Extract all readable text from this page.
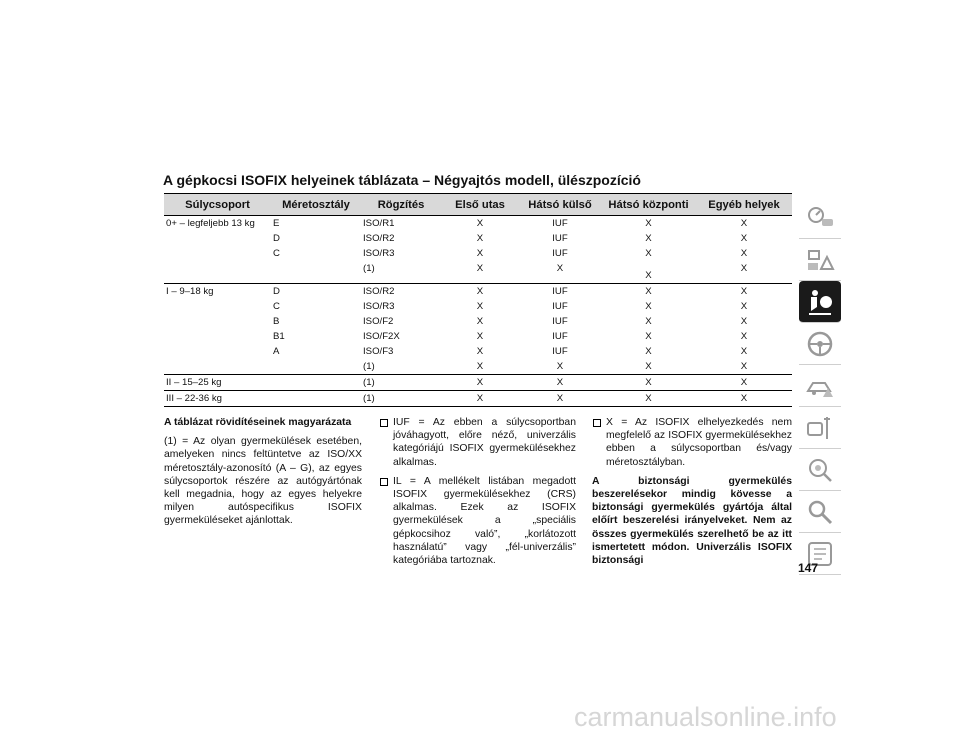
A gépkocsi ISOFIX helyeinek táblázata – Négyajtós modell, ülészpozíció
Súlycsoport	Méretosztály	Rögzítés	Első utas	Hátsó külső	Hátsó központi	Egyéb helyek
0+ – legfeljebb 13 kg	E	ISO/R1	X	IUF	X	X
	D	ISO/R2	X	IUF	X	X
	C	ISO/R3	X	IUF	X	X
		(1)	X	X	X	X
I – 9–18 kg	D	ISO/R2	X	IUF	X	X
	C	ISO/R3	X	IUF	X	X
	B	ISO/F2	X	IUF	X	X
	B1	ISO/F2X	X	IUF	X	X
	A	ISO/F3	X	IUF	X	X
		(1)	X	X	X	X
II – 15–25 kg		(1)	X	X	X	X
III – 22-36 kg		(1)	X	X	X	X

A táblázat rövidítéseinek magyarázata

(1) = Az olyan gyermekülések esetében, amelyeken nincs feltüntetve az ISO/XX méretosztály-azonosító (A – G), az egyes súlycsoportok részére az autógyártónak kell megadnia, hogy az egyes helyekre milyen autóspecifikus ISOFIX gyermeküléseket ajánlottak.

IUF = Az ebben a súlycsoportban jóváhagyott, előre néző, univerzális kategóriájú ISOFIX gyermekülésekhez alkalmas.
IL = A mellékelt listában megadott ISOFIX gyermekülésekhez (CRS) alkalmas. Ezek az ISOFIX gyermekülések a „speciális gépkocsihoz való”, „korlátozott használatú” vagy „fél-univerzális” kategóriába tartoznak.
X = Az ISOFIX elhelyezkedés nem megfelelő az ISOFIX gyermekülésekhez ebben a súlycsoportban és/vagy méretosztályban.

A biztonsági gyermekülés beszerelésekor mindig kövesse a biztonsági gyermekülés gyártója által előírt beszerelési irányelveket. Nem az összes gyermekülés szerelhető be az itt ismertetett módon. Univerzális ISOFIX biztonsági

147
carmanualsonline.info
